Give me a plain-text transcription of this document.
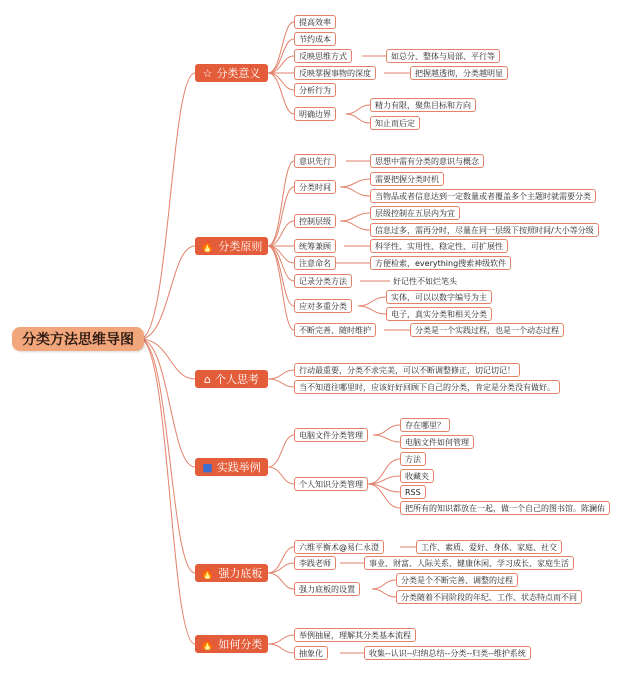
分类方法思维导图
☆ 分类意义
提高效率
节约成本
反映思维方式	如总分、整体与局部、平行等
反映掌握事物的深度	把握越透彻，分类越明显
分析行为
明确边界
精力有限，聚焦目标和方向
知止而后定
🔥 分类原则
意识先行	思想中需有分类的意识与概念
分类时间
需要把握分类时机
当物品或者信息达到一定数量或者覆盖多个主题时就需要分类
控制层级
层级控制在五层内为宜
信息过多，需再分时，尽量在同一层级下按照时间/大小等分级
统筹兼顾	科学性、实用性、稳定性、可扩展性
注意命名	方便检索，everything搜索神级软件
记录分类方法	好记性不如烂笔头
应对多重分类
实体，可以以数字编号为主
电子，真实分类和相关分类
不断完善、随时维护	分类是一个实践过程，也是一个动态过程
⌂ 个人思考
行动最重要，分类不求完美，可以不断调整修正，切记切记！
当不知道往哪里时，应该好好回顾下自己的分类，肯定是分类没有做好。
■ 实践举例
电脑文件分类管理
存在哪里？
电脑文件如何管理
个人知识分类管理
方法
收藏夹
RSS
把所有的知识都放在一起，做一个自己的图书馆。陈澜佑
🔥 强力底板
六维平衡术@易仁永澄	工作、素质、爱好、身体、家庭、社交
李践老师	事业、财富、人际关系、健康休闲、学习成长、家庭生活
强力底板的设置
分类是个不断完善、调整的过程
分类随着不同阶段的年纪、工作、状态特点而不同
🔥 如何分类
举例抽屉，理解其分类基本流程
抽象化	收集--认识--归纳总结--分类--归类--维护系统
